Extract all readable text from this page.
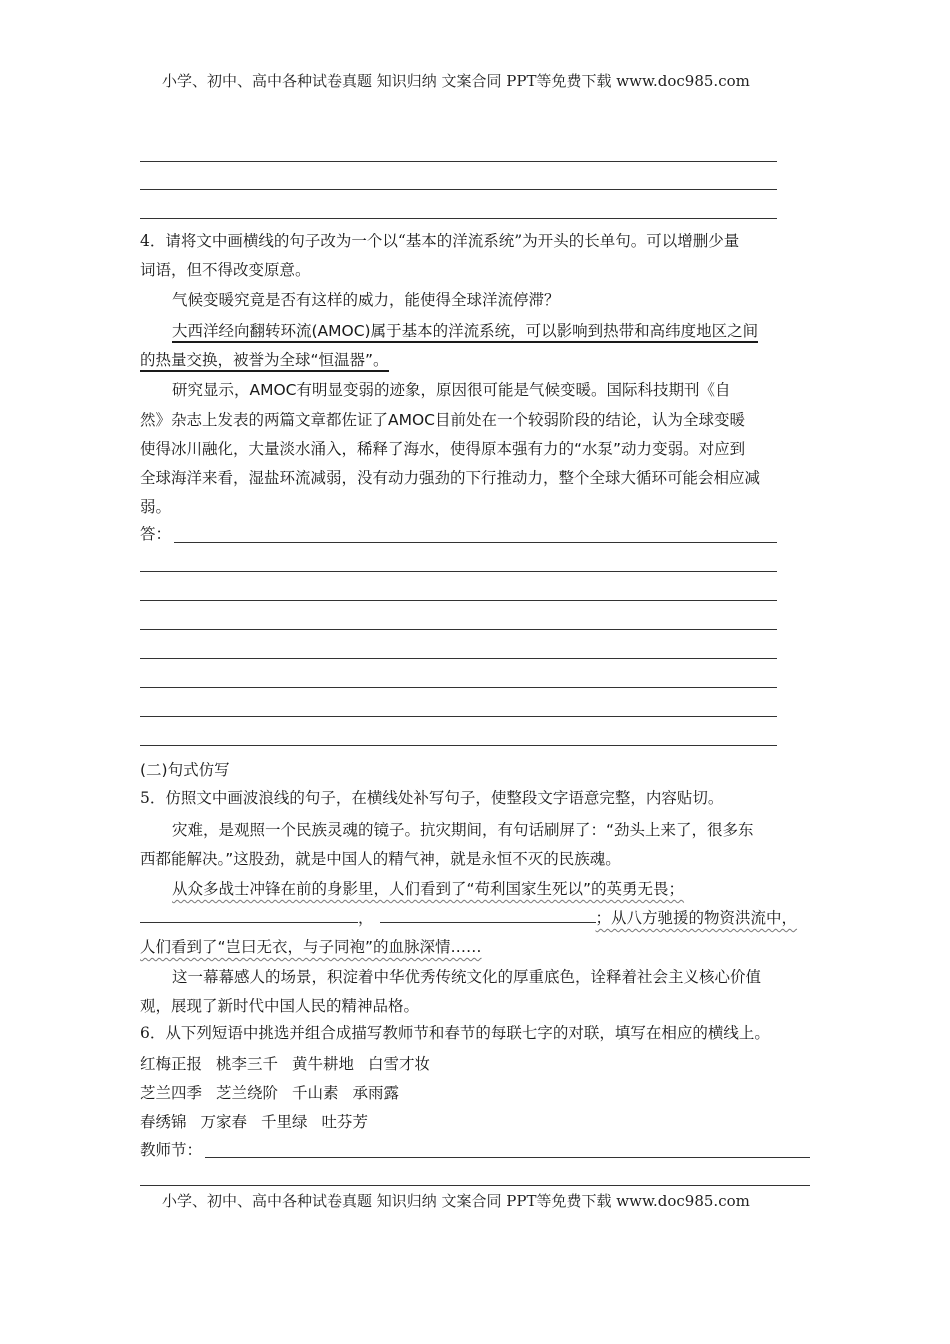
小学、初中、高中各种试卷真题 知识归纳 文案合同 PPT等免费下载 www.doc985.com
4．请将文中画横线的句子改为一个以“基本的洋流系统”为开头的长单句。可以增删少量
词语，但不得改变原意。
气候变暖究竟是否有这样的威力，能使得全球洋流停滞？
大西洋经向翻转环流(AMOC)属于基本的洋流系统，可以影响到热带和高纬度地区之间
的热量交换，被誉为全球“恒温器”。
研究显示，AMOC有明显变弱的迹象，原因很可能是气候变暖。国际科技期刊《自
然》杂志上发表的两篇文章都佐证了AMOC目前处在一个较弱阶段的结论，认为全球变暖
使得冰川融化，大量淡水涌入，稀释了海水，使得原本强有力的“水泵”动力变弱。对应到
全球海洋来看，湿盐环流减弱，没有动力强劲的下行推动力，整个全球大循环可能会相应减
弱。
答：
(二)句式仿写
5．仿照文中画波浪线的句子，在横线处补写句子，使整段文字语意完整，内容贴切。
灾难，是观照一个民族灵魂的镜子。抗灾期间，有句话刷屏了：“劲头上来了，很多东
西都能解决。”这股劲，就是中国人的精气神，就是永恒不灭的民族魂。
从众多战士冲锋在前的身影里，人们看到了“苟利国家生死以”的英勇无畏；
，	；从八方驰援的物资洪流中，
人们看到了“岂曰无衣，与子同袍”的血脉深情……
这一幕幕感人的场景，积淀着中华优秀传统文化的厚重底色，诠释着社会主义核心价值
观，展现了新时代中国人民的精神品格。
6．从下列短语中挑选并组合成描写教师节和春节的每联七字的对联，填写在相应的横线上。
红梅正报 桃李三千 黄牛耕地 白雪才妆
芝兰四季 芝兰绕阶 千山素 承雨露
春绣锦 万家春 千里绿 吐芬芳
教师节：
小学、初中、高中各种试卷真题 知识归纳 文案合同 PPT等免费下载 www.doc985.com
